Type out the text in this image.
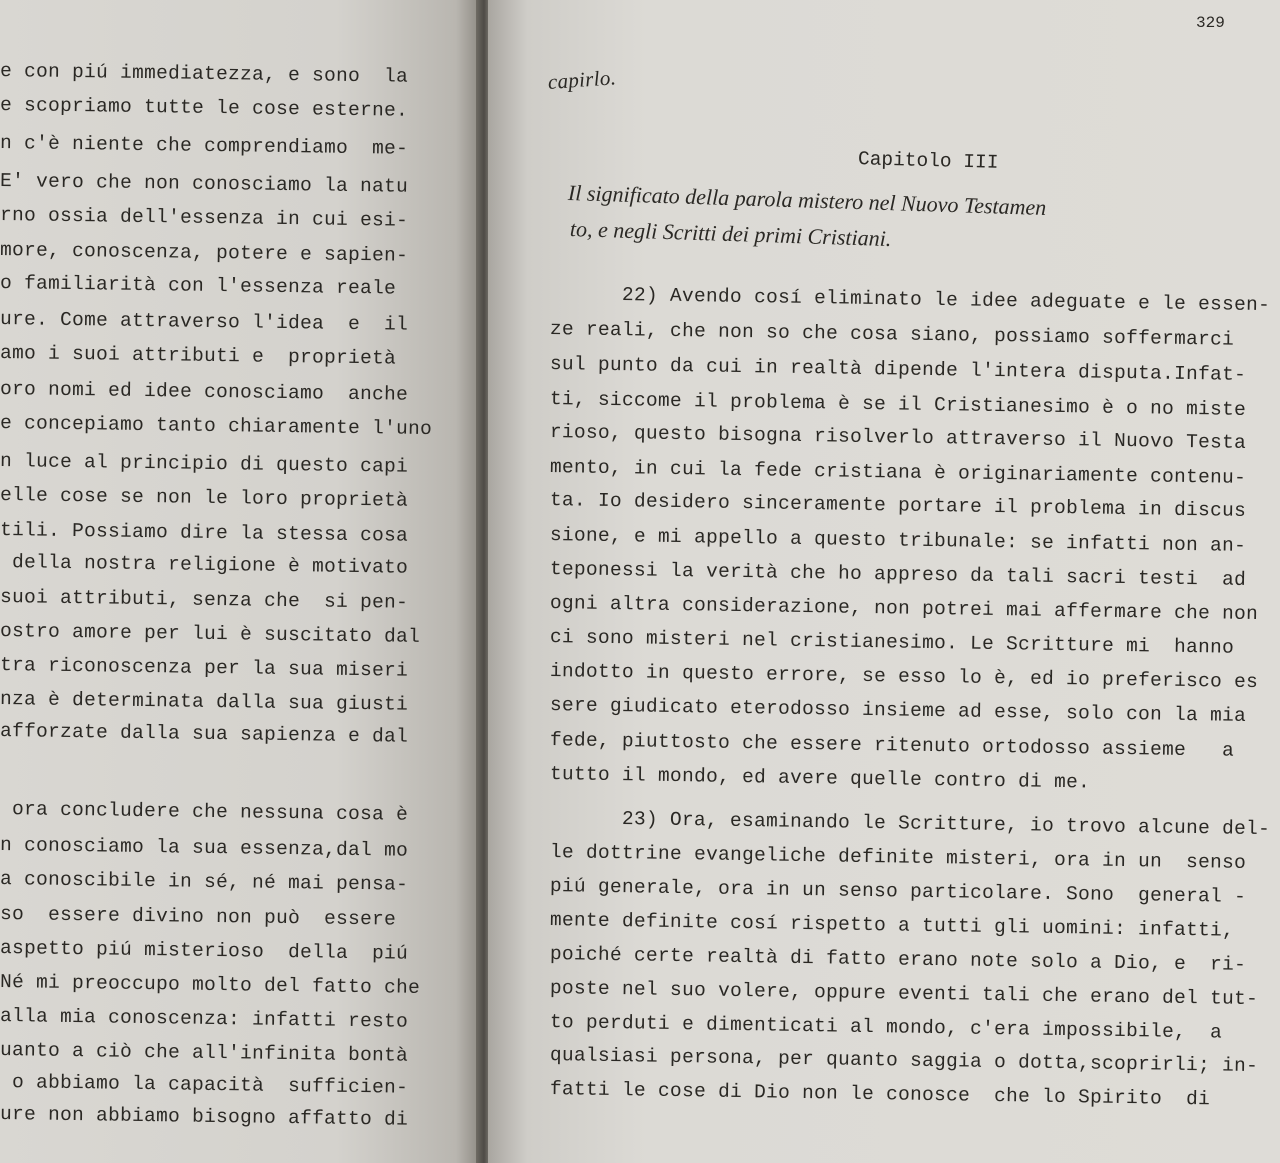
e con piú immediatezza, e sono  la
e scopriamo tutte le cose esterne.
n c'è niente che comprendiamo  me-
E' vero che non conosciamo la natu
rno ossia dell'essenza in cui esi-
more, conoscenza, potere e sapien-
o familiarità con l'essenza reale
ure. Come attraverso l'idea  e  il
amo i suoi attributi e  proprietà
oro nomi ed idee conosciamo  anche
e concepiamo tanto chiaramente l'uno
n luce al principio di questo capi
elle cose se non le loro proprietà
tili. Possiamo dire la stessa cosa
della nostra religione è motivato
suoi attributi, senza che  si pen-
ostro amore per lui è suscitato dal
tra riconoscenza per la sua miseri
nza è determinata dalla sua giusti
afforzate dalla sua sapienza e dal
ora concludere che nessuna cosa è
n conosciamo la sua essenza,dal mo
a conoscibile in sé, né mai pensa-
so  essere divino non può  essere
aspetto piú misterioso  della  piú
Né mi preoccupo molto del fatto che
alla mia conoscenza: infatti resto
uanto a ciò che all'infinita bontà
o abbiamo la capacità  sufficien-
ure non abbiamo bisogno affatto di
329
capirlo.
Capitolo III
Il significato della parola mistero nel Nuovo Testamen
to, e negli Scritti dei primi Cristiani.
22) Avendo cosí eliminato le idee adeguate e le essen-
ze reali, che non so che cosa siano, possiamo soffermarci
sul punto da cui in realtà dipende l'intera disputa.Infat-
ti, siccome il problema è se il Cristianesimo è o no miste
rioso, questo bisogna risolverlo attraverso il Nuovo Testa
mento, in cui la fede cristiana è originariamente contenu-
ta. Io desidero sinceramente portare il problema in discus
sione, e mi appello a questo tribunale: se infatti non an-
teponessi la verità che ho appreso da tali sacri testi  ad
ogni altra considerazione, non potrei mai affermare che non
ci sono misteri nel cristianesimo. Le Scritture mi  hanno
indotto in questo errore, se esso lo è, ed io preferisco es
sere giudicato eterodosso insieme ad esse, solo con la mia
fede, piuttosto che essere ritenuto ortodosso assieme   a
tutto il mondo, ed avere quelle contro di me.
23) Ora, esaminando le Scritture, io trovo alcune del-
le dottrine evangeliche definite misteri, ora in un  senso
piú generale, ora in un senso particolare. Sono  general -
mente definite cosí rispetto a tutti gli uomini: infatti,
poiché certe realtà di fatto erano note solo a Dio, e  ri-
poste nel suo volere, oppure eventi tali che erano del tut-
to perduti e dimenticati al mondo, c'era impossibile,  a
qualsiasi persona, per quanto saggia o dotta,scoprirli; in-
fatti le cose di Dio non le conosce  che lo Spirito  di
